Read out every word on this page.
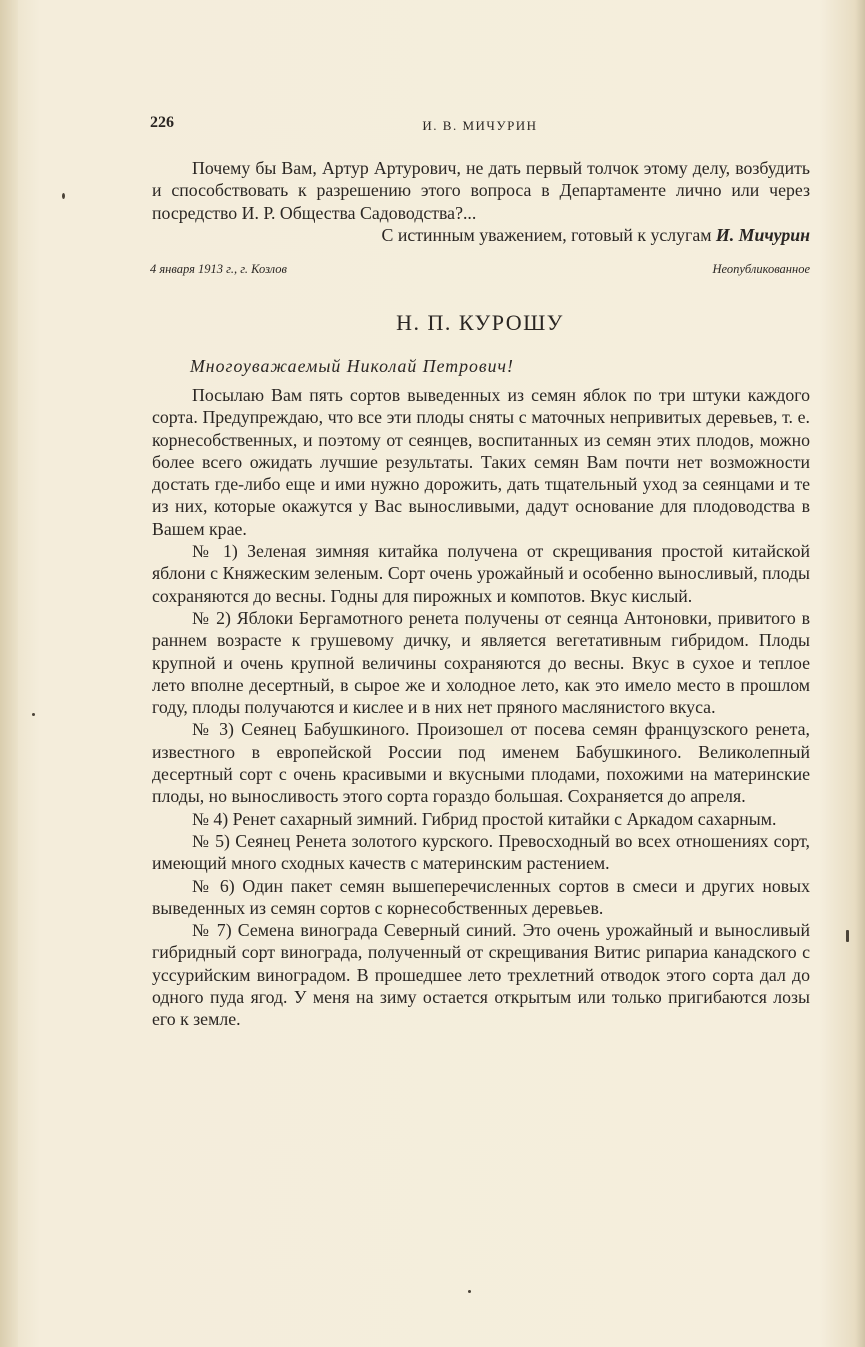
226	И. В. МИЧУРИН

Почему бы Вам, Артур Артурович, не дать первый толчок этому делу, возбудить и способствовать к разрешению этого вопроса в Департаменте лично или через посредство И. Р. Общества Садоводства?...

С истинным уважением, готовый к услугам И. Мичурин

4 января 1913 г., г. Козлов	Неопубликованное
Н. П. КУРОШУ
Многоуважаемый Николай Петрович!

Посылаю Вам пять сортов выведенных из семян яблок по три штуки каждого сорта. Предупреждаю, что все эти плоды сняты с маточных непривитых деревьев, т. е. корнесобственных, и поэтому от сеянцев, воспитанных из семян этих плодов, можно более всего ожидать лучшие результаты. Таких семян Вам почти нет возможности достать где-либо еще и ими нужно дорожить, дать тщательный уход за сеянцами и те из них, которые окажутся у Вас выносливыми, дадут основание для плодоводства в Вашем крае.

№ 1) Зеленая зимняя китайка получена от скрещивания простой китайской яблони с Княжеским зеленым. Сорт очень урожайный и особенно выносливый, плоды сохраняются до весны. Годны для пирожных и компотов. Вкус кислый.

№ 2) Яблоки Бергамотного ренета получены от сеянца Антоновки, привитого в раннем возрасте к грушевому дичку, и является вегетативным гибридом. Плоды крупной и очень крупной величины сохраняются до весны. Вкус в сухое и теплое лето вполне десертный, в сырое же и холодное лето, как это имело место в прошлом году, плоды получаются и кислее и в них нет пряного маслянистого вкуса.

№ 3) Сеянец Бабушкиного. Произошел от посева семян французского ренета, известного в европейской России под именем Бабушкиного. Великолепный десертный сорт с очень красивыми и вкусными плодами, похожими на материнские плоды, но выносливость этого сорта гораздо большая. Сохраняется до апреля.

№ 4) Ренет сахарный зимний. Гибрид простой китайки с Аркадом сахарным.

№ 5) Сеянец Ренета золотого курского. Превосходный во всех отношениях сорт, имеющий много сходных качеств с материнским растением.

№ 6) Один пакет семян вышеперечисленных сортов в смеси и других новых выведенных из семян сортов с корнесобственных деревьев.

№ 7) Семена винограда Северный синий. Это очень урожайный и выносливый гибридный сорт винограда, полученный от скрещивания Витис рипариа канадского с уссурийским виноградом. В прошедшее лето трехлетний отводок этого сорта дал до одного пуда ягод. У меня на зиму остается открытым или только пригибаются лозы его к земле.
